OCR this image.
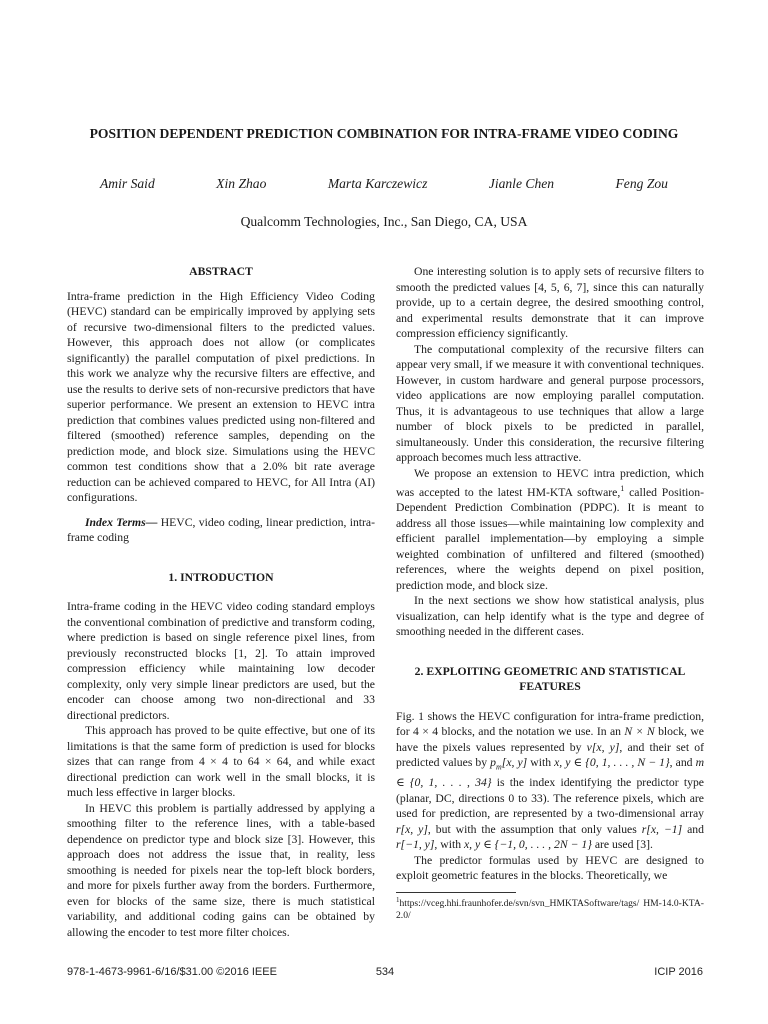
POSITION DEPENDENT PREDICTION COMBINATION FOR INTRA-FRAME VIDEO CODING
Amir Said	Xin Zhao	Marta Karczewicz	Jianle Chen	Feng Zou
Qualcomm Technologies, Inc., San Diego, CA, USA
ABSTRACT

Intra-frame prediction in the High Efficiency Video Coding (HEVC) standard can be empirically improved by applying sets of recursive two-dimensional filters to the predicted values. However, this approach does not allow (or complicates significantly) the parallel computation of pixel predictions. In this work we analyze why the recursive filters are effective, and use the results to derive sets of non-recursive predictors that have superior performance. We present an extension to HEVC intra prediction that combines values predicted using non-filtered and filtered (smoothed) reference samples, depending on the prediction mode, and block size. Simulations using the HEVC common test conditions show that a 2.0% bit rate average reduction can be achieved compared to HEVC, for All Intra (AI) configurations.

Index Terms— HEVC, video coding, linear prediction, intra-frame coding

1. INTRODUCTION

Intra-frame coding in the HEVC video coding standard employs the conventional combination of predictive and transform coding, where prediction is based on single reference pixel lines, from previously reconstructed blocks [1, 2]. To attain improved compression efficiency while maintaining low decoder complexity, only very simple linear predictors are used, but the encoder can choose among two non-directional and 33 directional predictors.

This approach has proved to be quite effective, but one of its limitations is that the same form of prediction is used for blocks sizes that can range from 4 × 4 to 64 × 64, and while exact directional prediction can work well in the small blocks, it is much less effective in larger blocks.

In HEVC this problem is partially addressed by applying a smoothing filter to the reference lines, with a table-based dependence on predictor type and block size [3]. However, this approach does not address the issue that, in reality, less smoothing is needed for pixels near the top-left block borders, and more for pixels further away from the borders. Furthermore, even for blocks of the same size, there is much statistical variability, and additional coding gains can be obtained by allowing the encoder to test more filter choices.

One interesting solution is to apply sets of recursive filters to smooth the predicted values [4, 5, 6, 7], since this can naturally provide, up to a certain degree, the desired smoothing control, and experimental results demonstrate that it can improve compression efficiency significantly.

The computational complexity of the recursive filters can appear very small, if we measure it with conventional techniques. However, in custom hardware and general purpose processors, video applications are now employing parallel computation. Thus, it is advantageous to use techniques that allow a large number of block pixels to be predicted in parallel, simultaneously. Under this consideration, the recursive filtering approach becomes much less attractive.

We propose an extension to HEVC intra prediction, which was accepted to the latest HM-KTA software,$^1$ called Position-Dependent Prediction Combination (PDPC). It is meant to address all those issues—while maintaining low complexity and efficient parallel implementation—by employing a simple weighted combination of unfiltered and filtered (smoothed) references, where the weights depend on pixel position, prediction mode, and block size.

In the next sections we show how statistical analysis, plus visualization, can help identify what is the type and degree of smoothing needed in the different cases.

2. EXPLOITING GEOMETRIC AND STATISTICAL FEATURES

Fig. 1 shows the HEVC configuration for intra-frame prediction, for 4 × 4 blocks, and the notation we use. In an N × N block, we have the pixels values represented by v[x, y], and their set of predicted values by $p_m[x$, y] with x, y ∈ {0, 1, . . . , N − 1}, and m ∈ {0, 1, . . . , 34} is the index identifying the predictor type (planar, DC, directions 0 to 33). The reference pixels, which are used for prediction, are represented by a two-dimensional array r[x, y], but with the assumption that only values r[x, −1] and r[−1, y], with x, y ∈ {−1, 0, . . . , 2N − 1} are used [3].

The predictor formulas used by HEVC are designed to exploit geometric features in the blocks. Theoretically, we

$^1$https://vceg.hhi.fraunhofer.de/svn/svn_HMKTASoftware/tags/ HM-14.0-KTA-2.0/

978-1-4673-9961-6/16/$31.00 ©2016 IEEE	534	ICIP 2016
